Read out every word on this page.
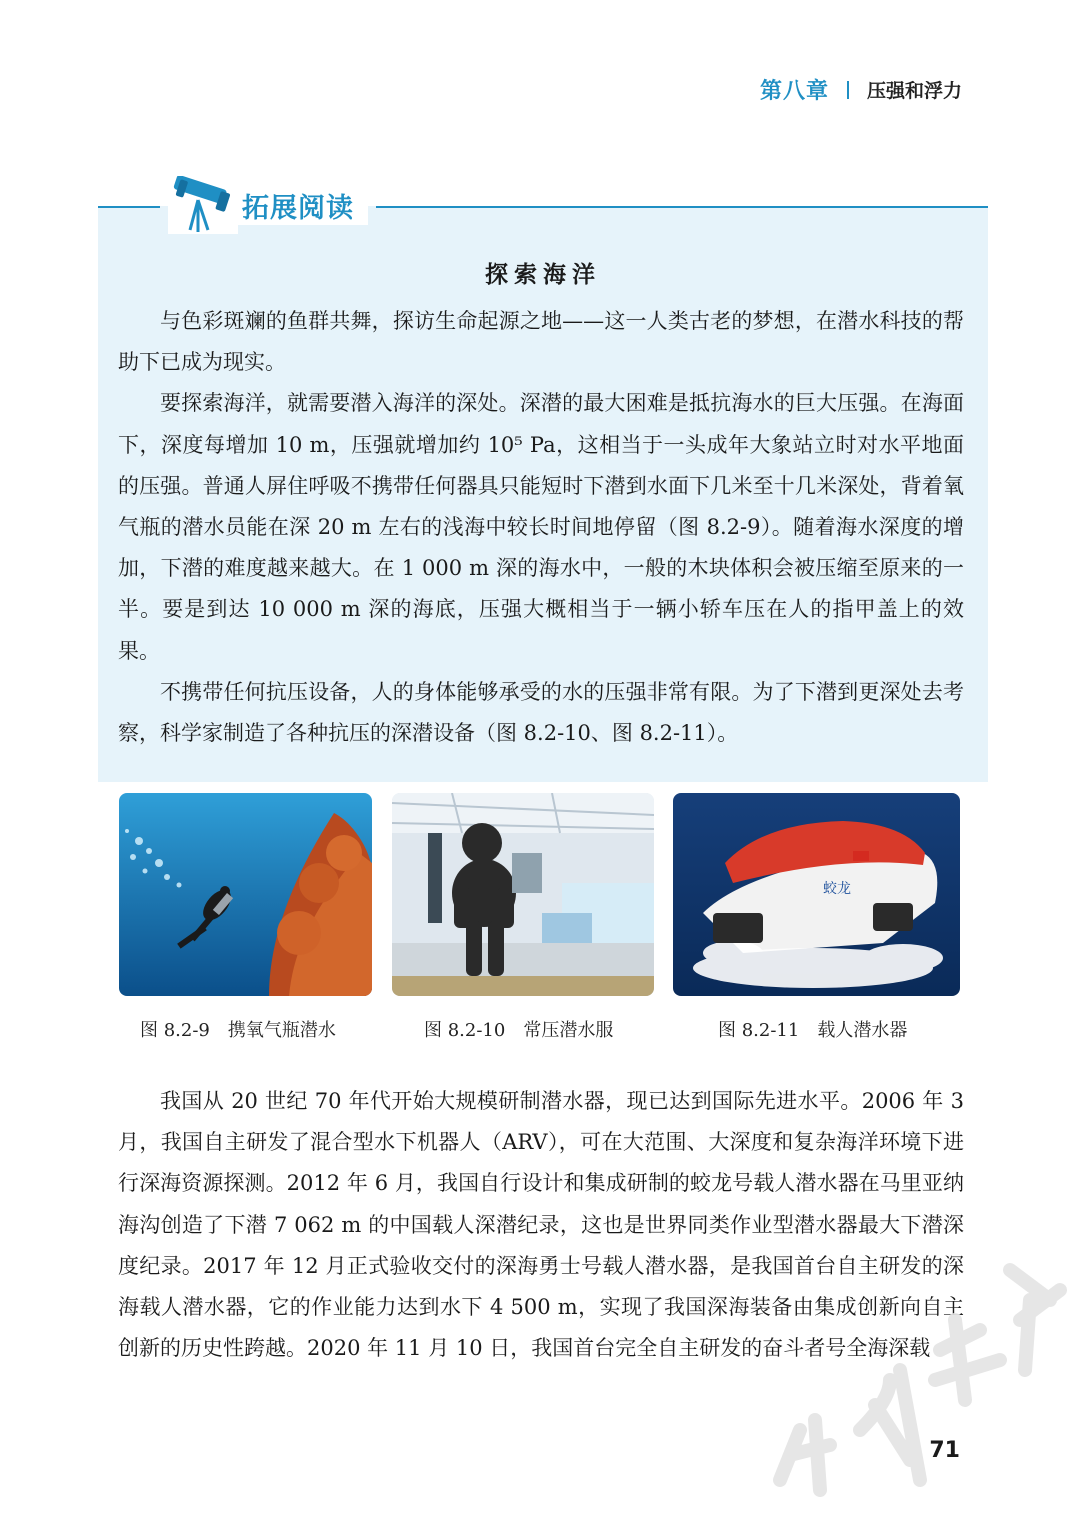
第八章 压强和浮力
拓展阅读
探索海洋

与色彩斑斓的鱼群共舞，探访生命起源之地——这一人类古老的梦想，在潜水科技的帮助下已成为现实。

要探索海洋，就需要潜入海洋的深处。深潜的最大困难是抵抗海水的巨大压强。在海面下，深度每增加 10 m，压强就增加约 10⁵ Pa，这相当于一头成年大象站立时对水平地面的压强。普通人屏住呼吸不携带任何器具只能短时下潜到水面下几米至十几米深处，背着氧气瓶的潜水员能在深 20 m 左右的浅海中较长时间地停留（图 8.2-9）。随着海水深度的增加，下潜的难度越来越大。在 1 000 m 深的海水中，一般的木块体积会被压缩至原来的一半。要是到达 10 000 m 深的海底，压强大概相当于一辆小轿车压在人的指甲盖上的效果。

不携带任何抗压设备，人的身体能够承受的水的压强非常有限。为了下潜到更深处去考察，科学家制造了各种抗压的深潜设备（图 8.2-10、图 8.2-11）。

蛟龙
图 8.2-9　携氧气瓶潜水	图 8.2-10　常压潜水服	图 8.2-11　载人潜水器

我国从 20 世纪 70 年代开始大规模研制潜水器，现已达到国际先进水平。2006 年 3 月，我国自主研发了混合型水下机器人（ARV），可在大范围、大深度和复杂海洋环境下进行深海资源探测。2012 年 6 月，我国自行设计和集成研制的蛟龙号载人潜水器在马里亚纳海沟创造了下潜 7 062 m 的中国载人深潜纪录，这也是世界同类作业型潜水器最大下潜深度纪录。2017 年 12 月正式验收交付的深海勇士号载人潜水器，是我国首台自主研发的深海载人潜水器，它的作业能力达到水下 4 500 m，实现了我国深海装备由集成创新向自主创新的历史性跨越。2020 年 11 月 10 日，我国首台完全自主研发的奋斗者号全海深载

71
